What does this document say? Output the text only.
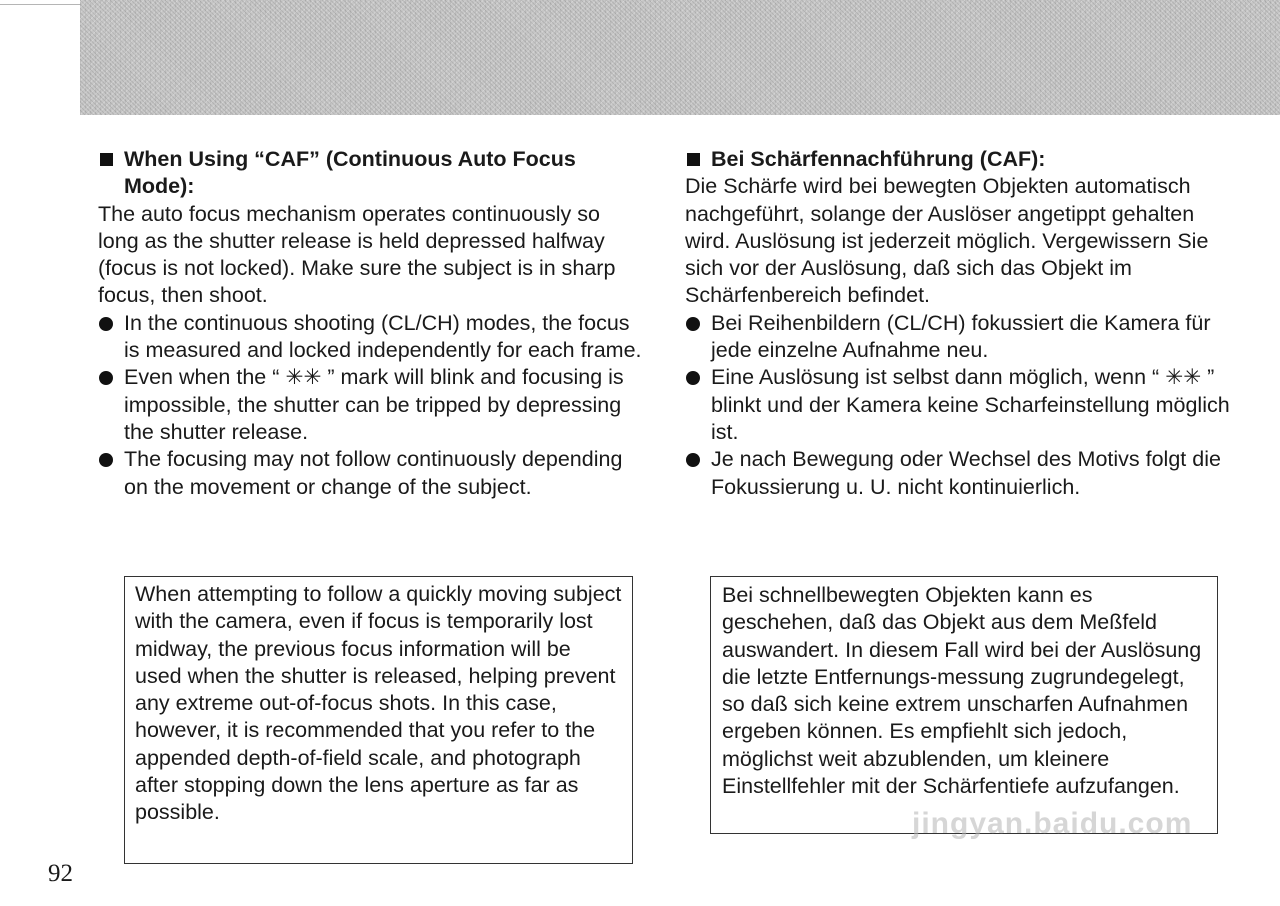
When Using “CAF” (Continuous Auto Focus Mode):

The auto focus mechanism operates continuously so long as the shutter release is held depressed halfway (focus is not locked). Make sure the subject is in sharp focus, then shoot.

In the continuous shooting (CL/CH) modes, the focus is measured and locked independently for each frame.
Even when the “ ✳✳ ” mark will blink and focusing is impossible, the shutter can be tripped by depressing the shutter release.
The focusing may not follow continuously depending on the movement or change of the subject.
When attempting to follow a quickly moving subject with the camera, even if focus is temporarily lost midway, the previous focus information will be used when the shutter is released, helping prevent any extreme out-of-focus shots. In this case, however, it is recommended that you refer to the appended depth-of-field scale, and photograph after stopping down the lens aperture as far as possible.
Bei Schärfennachführung (CAF):

Die Schärfe wird bei bewegten Objekten automatisch nachgeführt, solange der Auslöser angetippt gehalten wird. Auslösung ist jederzeit möglich. Vergewissern Sie sich vor der Auslösung, daß sich das Objekt im Schärfenbereich befindet.

Bei Reihenbildern (CL/CH) fokussiert die Kamera für jede einzelne Aufnahme neu.
Eine Auslösung ist selbst dann möglich, wenn “ ✳✳ ” blinkt und der Kamera keine Scharfeinstellung möglich ist.
Je nach Bewegung oder Wechsel des Motivs folgt die Fokussierung u. U. nicht kontinuierlich.
Bei schnellbewegten Objekten kann es geschehen, daß das Objekt aus dem Meßfeld auswandert. In diesem Fall wird bei der Auslösung die letzte Entfernungs-messung zugrundegelegt, so daß sich keine extrem unscharfen Aufnahmen ergeben können. Es empfiehlt sich jedoch, möglichst weit abzublenden, um kleinere Einstellfehler mit der Schärfentiefe aufzufangen.
92
jingyan.baidu.com
